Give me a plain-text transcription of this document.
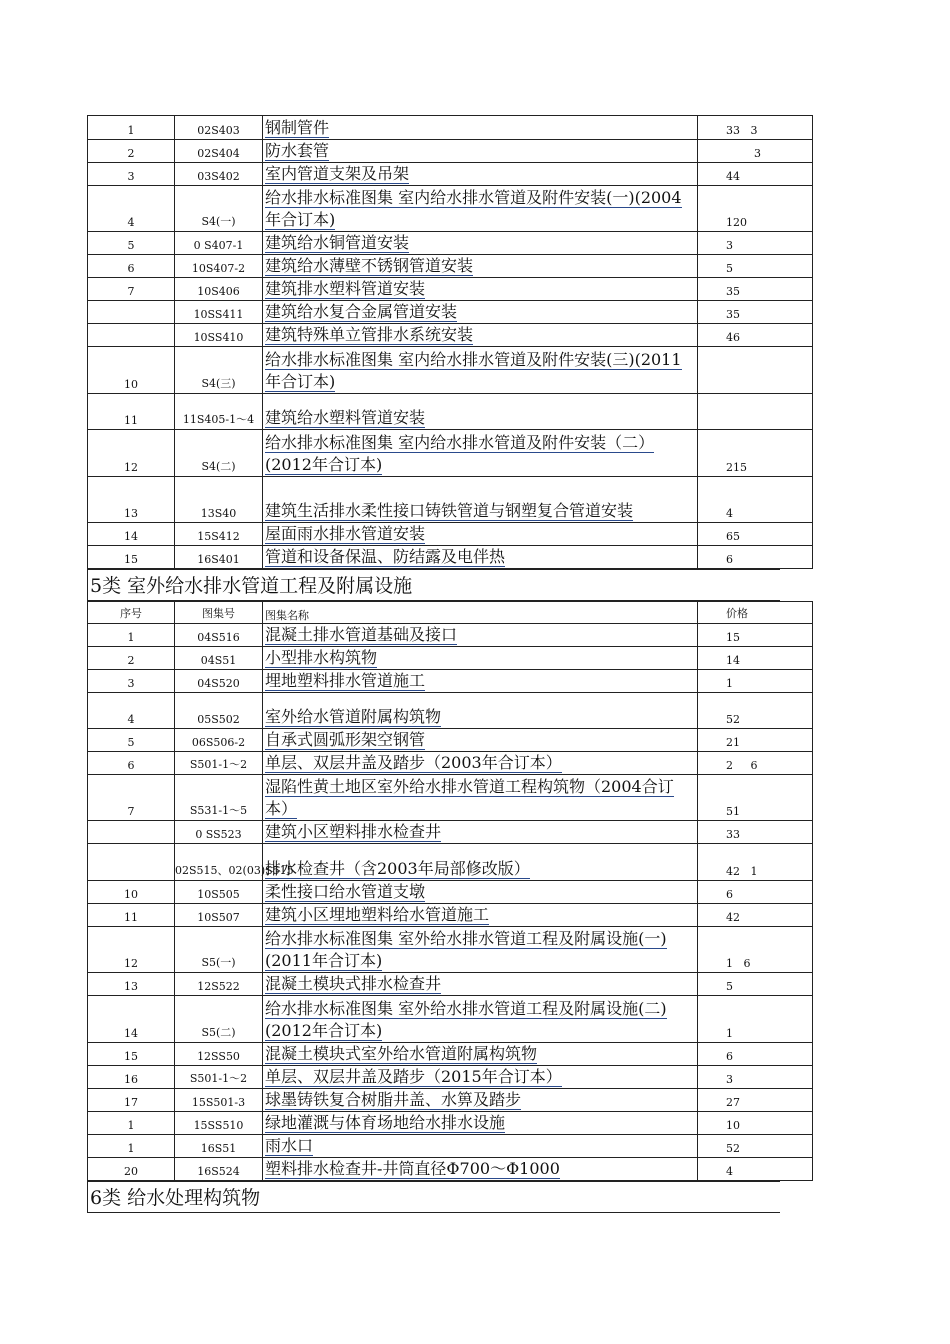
1	02S403	钢制管件	33   3
2	02S404	防水套管	3
3	03S402	室内管道支架及吊架	44
4	S4(一)	给水排水标准图集 室内给水排水管道及附件安装(一)(2004年合订本)	120
5	0 S407-1	建筑给水铜管道安装	3
6	10S407-2	建筑给水薄壁不锈钢管道安装	5
7	10S406	建筑排水塑料管道安装	35
	10SS411	建筑给水复合金属管道安装	35
	10SS410	建筑特殊单立管排水系统安装	46
10	S4(三)	给水排水标准图集 室内给水排水管道及附件安装(三)(2011年合订本)	
11	11S405-1～4	建筑给水塑料管道安装	
12	S4(二)	给水排水标准图集 室内给水排水管道及附件安装（二）(2012年合订本)	215
13	13S40	建筑生活排水柔性接口铸铁管道与钢塑复合管道安装	4
14	15S412	屋面雨水排水管道安装	65
15	16S401	管道和设备保温、防结露及电伴热	6
5类 室外给水排水管道工程及附属设施
序号	图集号	图集名称	价格
1	04S516	混凝土排水管道基础及接口	15
2	04S51	小型排水构筑物	14
3	04S520	埋地塑料排水管道施工	1
4	05S502	室外给水管道附属构筑物	52
5	06S506-2	自承式圆弧形架空钢管	21
6	S501-1～2	单层、双层井盖及踏步（2003年合订本）	2     6
7	S531-1～5	湿陷性黄土地区室外给水排水管道工程构筑物（2004合订本）	51
	0 SS523	建筑小区塑料排水检查井	33
	02S515、02(03)S515	排水检查井（含2003年局部修改版）	42   1
10	10S505	柔性接口给水管道支墩	6
11	10S507	建筑小区埋地塑料给水管道施工	42
12	S5(一)	给水排水标准图集 室外给水排水管道工程及附属设施(一)(2011年合订本)	1   6
13	12S522	混凝土模块式排水检查井	5
14	S5(二)	给水排水标准图集 室外给水排水管道工程及附属设施(二)(2012年合订本)	1
15	12SS50	混凝土模块式室外给水管道附属构筑物	6
16	S501-1～2	单层、双层井盖及踏步（2015年合订本）	3
17	15S501-3	球墨铸铁复合树脂井盖、水箅及踏步	27
1	15SS510	绿地灌溉与体育场地给水排水设施	10
1	16S51	雨水口	52
20	16S524	塑料排水检查井-井筒直径Φ700～Φ1000	4
6类 给水处理构筑物
